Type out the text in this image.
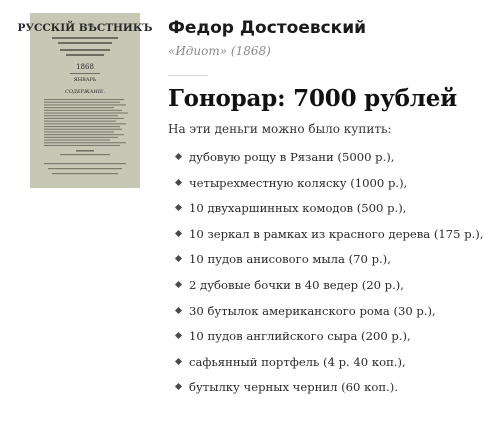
РУССКІЙ ВѢСТНИКЪ
1868
ЯНВАРЬ
СОДЕРЖАНІЕ.
Федор Достоевский
«Идиот» (1868)
Гонорар: 7000 рублей
На эти деньги можно было купить:
дубовую рощу в Рязани (5000 р.),
четырехместную коляску (1000 р.),
10 двухаршинных комодов (500 р.),
10 зеркал в рамках из красного дерева (175 р.),
10 пудов анисового мыла (70 р.),
2 дубовые бочки в 40 ведер (20 р.),
30 бутылок американского рома (30 р.),
10 пудов английского сыра (200 р.),
сафьянный портфель (4 р. 40 коп.),
бутылку черных чернил (60 коп.).
